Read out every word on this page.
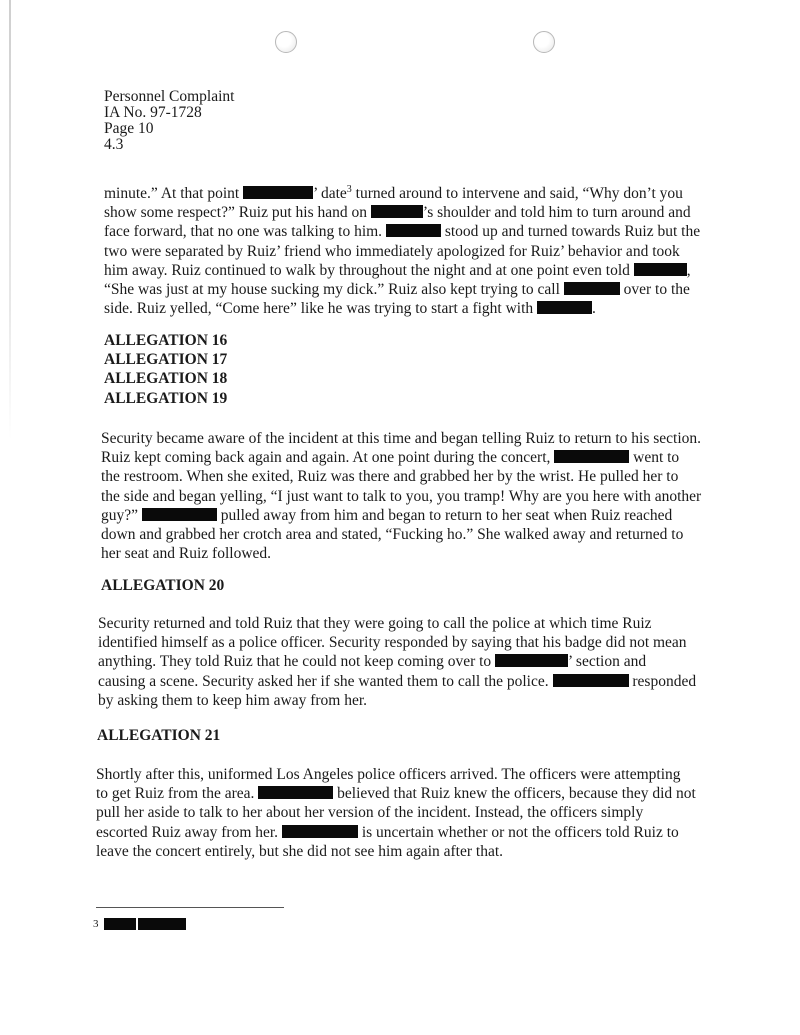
Personnel Complaint
IA No. 97-1728
Page 10
4.3
minute.” At that point	’ date$^3$ turned around to intervene and said, “Why don’t you
show some respect?” Ruiz put his hand on	’s shoulder and told him to turn around and
face forward, that no one was talking to him.	stood up and turned towards Ruiz but the
two were separated by Ruiz’ friend who immediately apologized for Ruiz’ behavior and took
him away. Ruiz continued to walk by throughout the night and at one point even told	,
“She was just at my house sucking my dick.” Ruiz also kept trying to call	over to the
side. Ruiz yelled, “Come here” like he was trying to start a fight with	.
ALLEGATION 16
ALLEGATION 17
ALLEGATION 18
ALLEGATION 19
Security became aware of the incident at this time and began telling Ruiz to return to his section.
Ruiz kept coming back again and again. At one point during the concert,	went to
the restroom. When she exited, Ruiz was there and grabbed her by the wrist. He pulled her to
the side and began yelling, “I just want to talk to you, you tramp! Why are you here with another
guy?”	pulled away from him and began to return to her seat when Ruiz reached
down and grabbed her crotch area and stated, “Fucking ho.” She walked away and returned to
her seat and Ruiz followed.
ALLEGATION 20
Security returned and told Ruiz that they were going to call the police at which time Ruiz
identified himself as a police officer. Security responded by saying that his badge did not mean
anything. They told Ruiz that he could not keep coming over to	’ section and
causing a scene. Security asked her if she wanted them to call the police.	responded
by asking them to keep him away from her.
ALLEGATION 21
Shortly after this, uniformed Los Angeles police officers arrived. The officers were attempting
to get Ruiz from the area.	believed that Ruiz knew the officers, because they did not
pull her aside to talk to her about her version of the incident. Instead, the officers simply
escorted Ruiz away from her.	is uncertain whether or not the officers told Ruiz to
leave the concert entirely, but she did not see him again after that.
3
